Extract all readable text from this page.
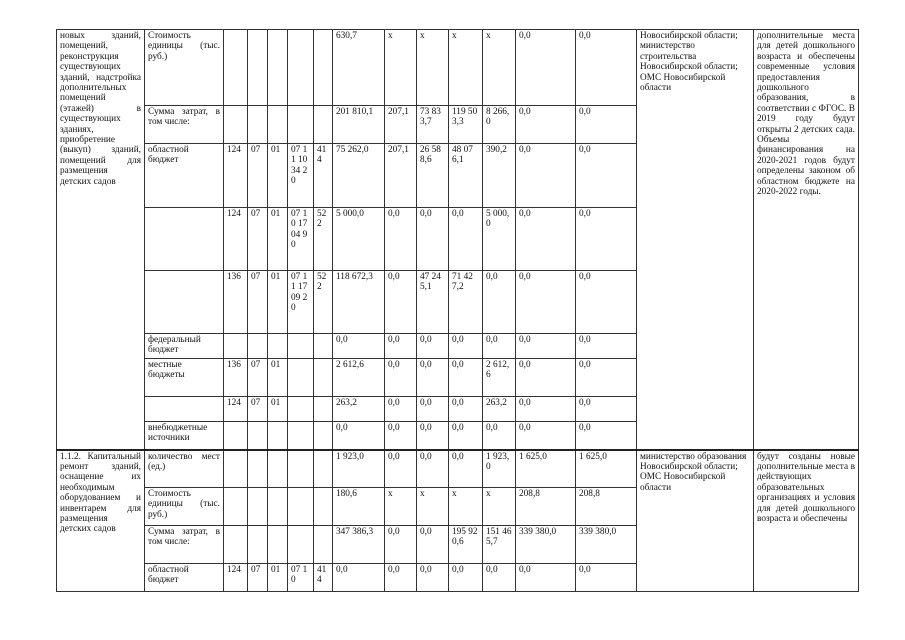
новых зданий, помещений, реконструкция существующих зданий, надстройка дополнительных помещений (этажей) в существующих зданиях, приобретение (выкуп) зданий, помещений для размещения детских садов	Стоимость единицы (тыс. руб.)						630,7	х	х	х	х	0,0	0,0	Новосибирской области; министерство строительства Новосибирской области; ОМС Новосибирской области	дополнительные места для детей дошкольного возраста и обеспечены современные условия предоставления дошкольного образования, в соответствии с ФГОС. В 2019 году будут открыты 2 детских сада. Объемы финансирования на 2020-2021 годов будут определены законом об областном бюджете на 2020-2022 годы.
	Сумма затрат, в том числе:						201 810,1	207,1	73 833,7	119 503,3	8 266,0	0,0	0,0		
	областной бюджет	124	07	01	07 11 10 34 20	414	75 262,0	207,1	26 588,6	48 076,1	390,2	0,0	0,0		
		124	07	01	07 10 17 04 90	522	5 000,0	0,0	0,0	0,0	5 000,0	0,0	0,0		
		136	07	01	07 11 17 09 20	522	118 672,3	0,0	47 245,1	71 427,2	0,0	0,0	0,0		
	федеральный бюджет						0,0	0,0	0,0	0,0	0,0	0,0	0,0		
	местные бюджеты	136	07	01			2 612,6	0,0	0,0	0,0	2 612,6	0,0	0,0		
		124	07	01			263,2	0,0	0,0	0,0	263,2	0,0	0,0		
	внебюджетные источники						0,0	0,0	0,0	0,0	0,0	0,0	0,0		
1.1.2. Капитальный ремонт зданий, оснащение их необходимым оборудованием и инвентарем для размещения детских садов	количество мест (ед.)						1 923,0	0,0	0,0	0,0	1 923,0	1 625,0	1 625,0	министерство образования Новосибирской области; ОМС Новосибирской области	будут созданы новые дополнительные места в действующих образовательных организациях и условия для детей дошкольного возраста и обеспечены
	Стоимость единицы (тыс. руб.)						180,6	х	х	х	х	208,8	208,8		
	Сумма затрат, в том числе:						347 386,3	0,0	0,0	195 920,6	151 465,7	339 380,0	339 380,0		
	областной бюджет	124	07	01	07 10	414	0,0	0,0	0,0	0,0	0,0	0,0	0,0		
